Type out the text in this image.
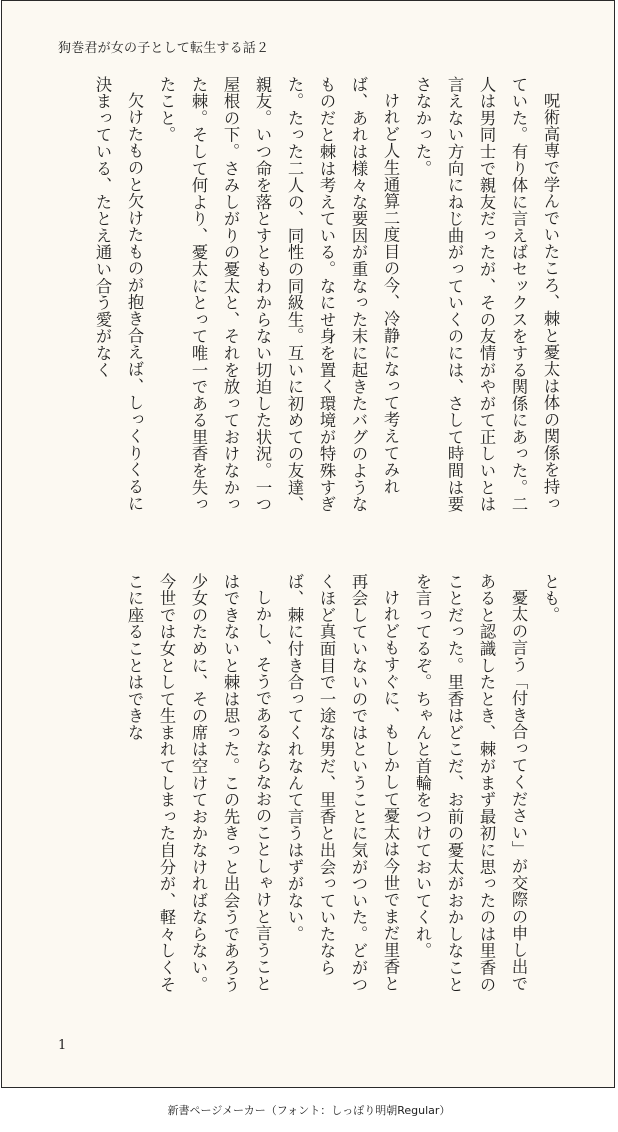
狗巻君が女の子として転生する話２

呪術高専で学んでいたころ、棘と憂太は体の関係を持っていた。有り体に言えばセックスをする関係にあった。二人は男同士で親友だったが、その友情がやがて正しいとは言えない方向にねじ曲がっていくのには、さして時間は要さなかった。

けれど人生通算二度目の今、冷静になって考えてみれば、あれは様々な要因が重なった末に起きたバグのようなものだと棘は考えている。なにせ身を置く環境が特殊すぎた。たった二人の、同性の同級生。互いに初めての友達、親友。いつ命を落とすともわからない切迫した状況。一つ屋根の下。さみしがりの憂太と、それを放っておけなかった棘。そして何より、憂太にとって唯一である里香を失ったこと。

欠けたものと欠けたものが抱き合えば、しっくりくるに決まっている、たとえ通い合う愛がなく

とも。

憂太の言う「付き合ってください」が交際の申し出であると認識したとき、棘がまず最初に思ったのは里香のことだった。里香はどこだ、お前の憂太がおかしなことを言ってるぞ。ちゃんと首輪をつけておいてくれ。

けれどもすぐに、もしかして憂太は今世でまだ里香と再会していないのではということに気がついた。どがつくほど真面目で一途な男だ、里香と出会っていたならば、棘に付き合ってくれなんて言うはずがない。

しかし、そうであるならなおのことしゃけと言うことはできないと棘は思った。この先きっと出会うであろう少女のために、その席は空けておかなければならない。今世では女として生まれてしまった自分が、軽々しくそこに座ることはできな

1
新書ページメーカー（フォント：しっぽり明朝Regular）
